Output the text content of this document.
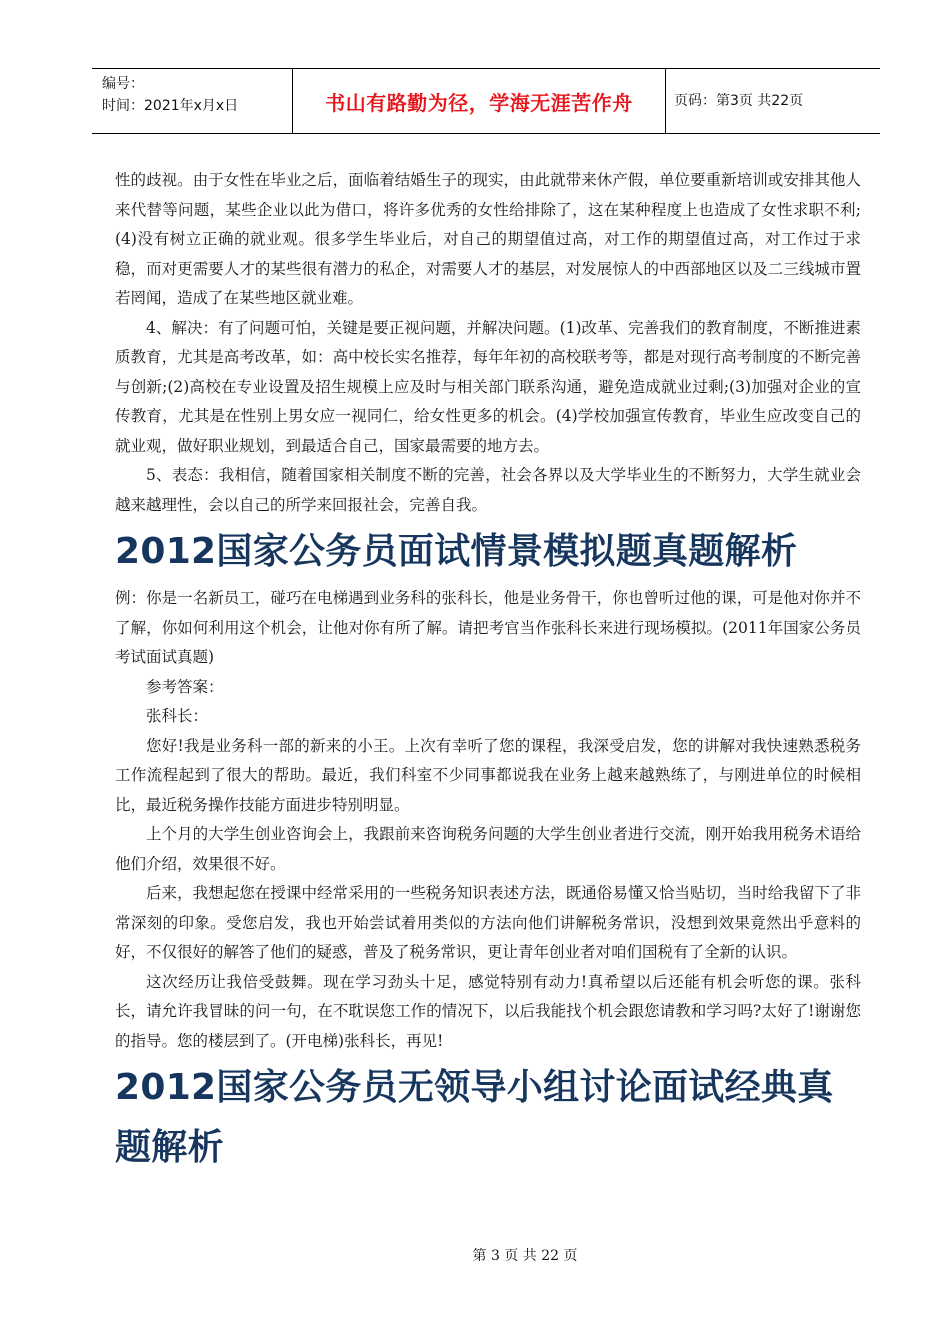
编号：
时间：2021年x月x日	书山有路勤为径，学海无涯苦作舟	页码：第3页 共22页

性的歧视。由于女性在毕业之后，面临着结婚生子的现实，由此就带来休产假，单位要重新培训或安排其他人来代替等问题，某些企业以此为借口，将许多优秀的女性给排除了，这在某种程度上也造成了女性求职不利;(4)没有树立正确的就业观。很多学生毕业后，对自己的期望值过高，对工作的期望值过高，对工作过于求稳，而对更需要人才的某些很有潜力的私企，对需要人才的基层，对发展惊人的中西部地区以及二三线城市置若罔闻，造成了在某些地区就业难。

4、解决：有了问题可怕，关键是要正视问题，并解决问题。(1)改革、完善我们的教育制度，不断推进素质教育，尤其是高考改革，如：高中校长实名推荐，每年年初的高校联考等，都是对现行高考制度的不断完善与创新;(2)高校在专业设置及招生规模上应及时与相关部门联系沟通，避免造成就业过剩;(3)加强对企业的宣传教育，尤其是在性别上男女应一视同仁，给女性更多的机会。(4)学校加强宣传教育，毕业生应改变自己的就业观，做好职业规划，到最适合自己，国家最需要的地方去。

5、表态：我相信，随着国家相关制度不断的完善，社会各界以及大学毕业生的不断努力，大学生就业会越来越理性，会以自己的所学来回报社会，完善自我。

2012国家公务员面试情景模拟题真题解析

例：你是一名新员工，碰巧在电梯遇到业务科的张科长，他是业务骨干，你也曾听过他的课，可是他对你并不了解，你如何利用这个机会，让他对你有所了解。请把考官当作张科长来进行现场模拟。(2011年国家公务员考试面试真题)

参考答案：

张科长：

您好!我是业务科一部的新来的小王。上次有幸听了您的课程，我深受启发，您的讲解对我快速熟悉税务工作流程起到了很大的帮助。最近，我们科室不少同事都说我在业务上越来越熟练了，与刚进单位的时候相比，最近税务操作技能方面进步特别明显。

上个月的大学生创业咨询会上，我跟前来咨询税务问题的大学生创业者进行交流，刚开始我用税务术语给他们介绍，效果很不好。

后来，我想起您在授课中经常采用的一些税务知识表述方法，既通俗易懂又恰当贴切，当时给我留下了非常深刻的印象。受您启发，我也开始尝试着用类似的方法向他们讲解税务常识，没想到效果竟然出乎意料的好，不仅很好的解答了他们的疑惑，普及了税务常识，更让青年创业者对咱们国税有了全新的认识。

这次经历让我倍受鼓舞。现在学习劲头十足，感觉特别有动力!真希望以后还能有机会听您的课。张科长，请允许我冒昧的问一句，在不耽误您工作的情况下，以后我能找个机会跟您请教和学习吗?太好了!谢谢您的指导。您的楼层到了。(开电梯)张科长，再见!

2012国家公务员无领导小组讨论面试经典真题解析
第 3 页 共 22 页
